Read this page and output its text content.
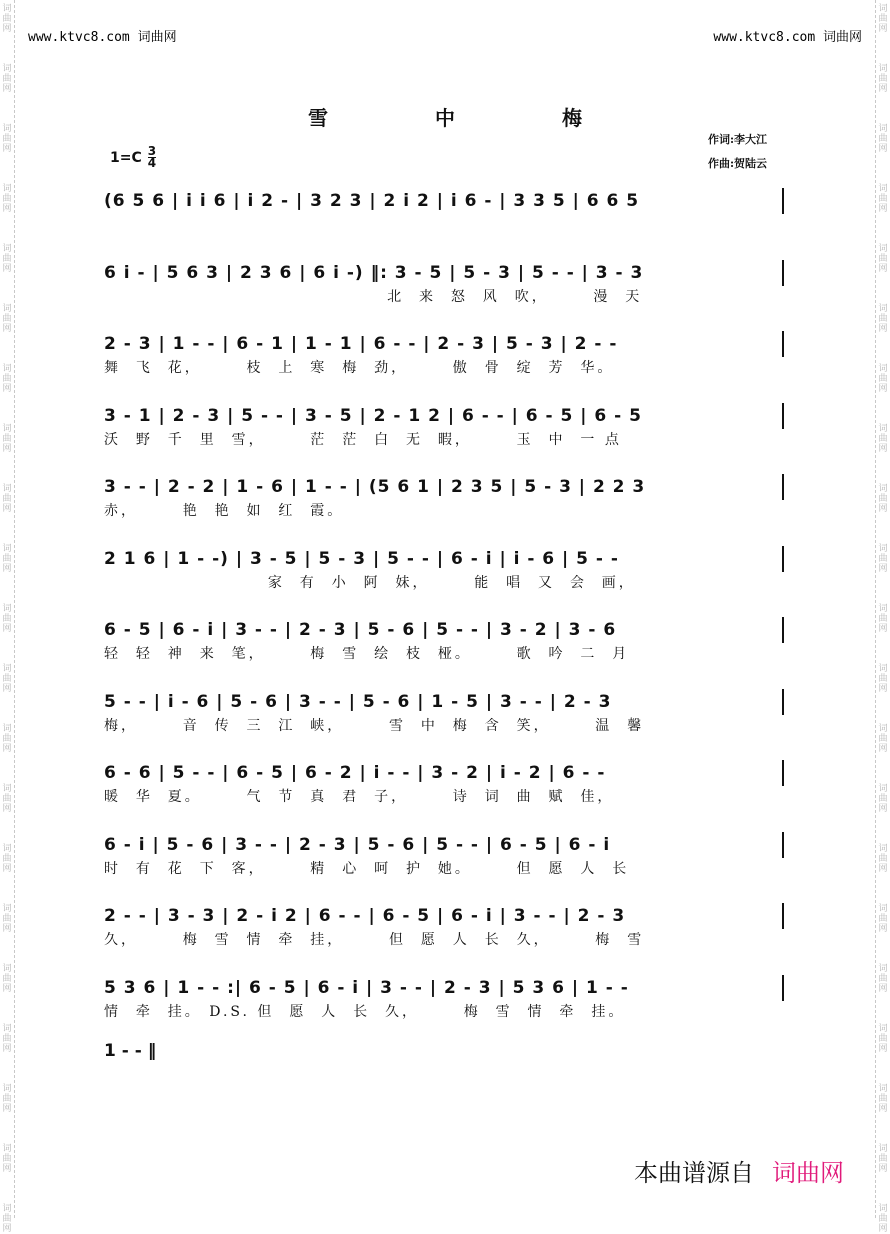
词曲网
词曲网
词曲网
词曲网
词曲网
词曲网
词曲网
词曲网
词曲网
词曲网
词曲网
词曲网
词曲网
词曲网
词曲网
词曲网
词曲网
词曲网
词曲网
词曲网
词曲网
词曲网
词曲网
词曲网
词曲网
词曲网
词曲网
词曲网
词曲网
词曲网
词曲网
词曲网
词曲网
词曲网
词曲网
词曲网
词曲网
词曲网
词曲网
词曲网
词曲网
词曲网
www.ktvc8.com 词曲网	www.ktvc8.com 词曲网
雪 中 梅
$1=C \frac{3}{4}$
作词:李大江
作曲:贺陆云
(6 5 6 | i i 6 | i 2 - | 3 2 3 | 2 i 2 | i 6 - | 3 3 5 | 6 6 5
6 i - | 5 6 3 | 2 3 6 | 6 i -) ‖: 3 - 5 | 5 - 3 | 5 - - | 3 - 3
北  来  怒  风  吹，      漫  天
2 - 3 | 1 - - | 6 - 1 | 1 - 1 | 6 - - | 2 - 3 | 5 - 3 | 2 - -
舞  飞  花，      枝  上  寒  梅  劲，      傲  骨  绽  芳  华。
3 - 1 | 2 - 3 | 5 - - | 3 - 5 | 2 - 1 2 | 6 - - | 6 - 5 | 6 - 5
沃  野  千  里  雪，      茫  茫  白  无  暇，      玉  中  一 点
3 - - | 2 - 2 | 1 - 6 | 1 - - | (5 6 1 | 2 3 5 | 5 - 3 | 2 2 3
赤，      艳  艳  如  红  霞。
2 1 6 | 1 - -) | 3 - 5 | 5 - 3 | 5 - - | 6 - i | i - 6 | 5 - -
家  有  小  阿  妹，      能  唱  又  会  画，
6 - 5 | 6 - i | 3 - - | 2 - 3 | 5 - 6 | 5 - - | 3 - 2 | 3 - 6
轻  轻  神  来  笔，      梅  雪  绘  枝  桠。      歌  吟  二  月
5 - - | i - 6 | 5 - 6 | 3 - - | 5 - 6 | 1 - 5 | 3 - - | 2 - 3
梅，      音  传  三  江  峡，      雪  中  梅  含  笑，      温  馨
6 - 6 | 5 - - | 6 - 5 | 6 - 2 | i - - | 3 - 2 | i - 2 | 6 - -
暖  华  夏。      气  节  真  君  子，      诗  词  曲  赋  佳，
6 - i | 5 - 6 | 3 - - | 2 - 3 | 5 - 6 | 5 - - | 6 - 5 | 6 - i
时  有  花  下  客，      精  心  呵  护  她。      但  愿  人  长
2 - - | 3 - 3 | 2 - i 2 | 6 - - | 6 - 5 | 6 - i | 3 - - | 2 - 3
久，      梅  雪  情  牵  挂，      但  愿  人  长  久，      梅  雪
5 3 6 | 1 - - :| 6 - 5 | 6 - i | 3 - - | 2 - 3 | 5 3 6 | 1 - -
情  牵  挂。 D.S. 但  愿  人  长  久，      梅  雪  情  牵  挂。
1 - - ‖
本曲谱源自 词曲网
